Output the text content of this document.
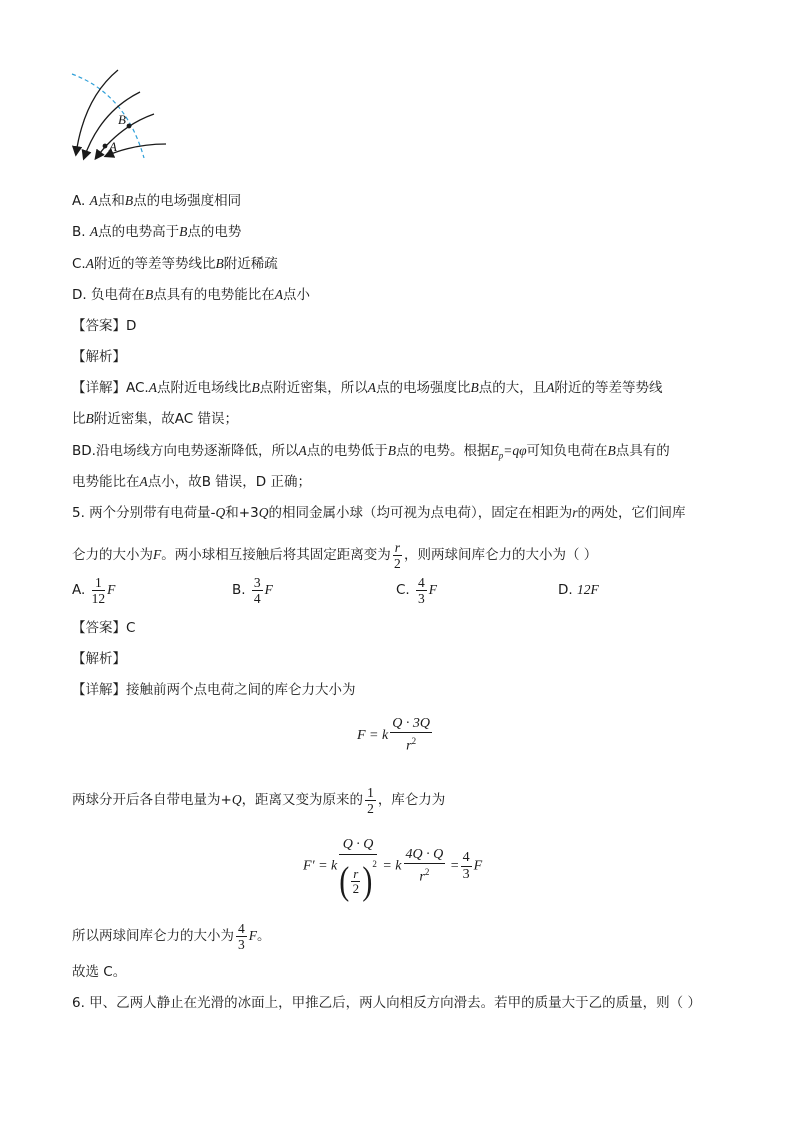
B
A
A. A点和B点的电场强度相同
B. A点的电势高于B点的电势
C.A附近的等差等势线比B附近稀疏
D. 负电荷在B点具有的电势能比在A点小
【答案】D
【解析】
【详解】AC.A点附近电场线比B点附近密集，所以A点的电场强度比B点的大，且A附近的等差等势线
比B附近密集，故AC 错误；
BD.沿电场线方向电势逐渐降低，所以A点的电势低于B点的电势。根据$E_p=q\varphi$可知负电荷在B点具有的
电势能比在A点小，故B 错误，D 正确；
5. 两个分别带有电荷量-Q和+3Q的相同金属小球（均可视为点电荷），固定在相距为r的两处，它们间库
仑力的大小为F。两小球相互接触后将其固定距离变为 $\frac{r}{2}$ ，则两球间库仑力的大小为（ ）
A. $\frac{1}{12}$ F	B. $\frac{3}{4}$ F	C. $\frac{4}{3}$ F	D. 12F
【答案】C
【解析】
【详解】接触前两个点电荷之间的库仑力大小为
F = k $\frac{Q \cdot 3Q}{r^2}$
两球分开后各自带电量为+Q，距离又变为原来的 $\frac{1}{2}$ ，库仑力为
F′ = k $\frac{Q \cdot Q}{( \frac{r}{2} )^2} = k \frac{4Q \cdot Q}{r^2} = \frac{4}{3}$ F
所以两球间库仑力的大小为 $\frac{4}{3}$ F。
故选 C。
6. 甲、乙两人静止在光滑的冰面上，甲推乙后，两人向相反方向滑去。若甲的质量大于乙的质量，则（ ）
